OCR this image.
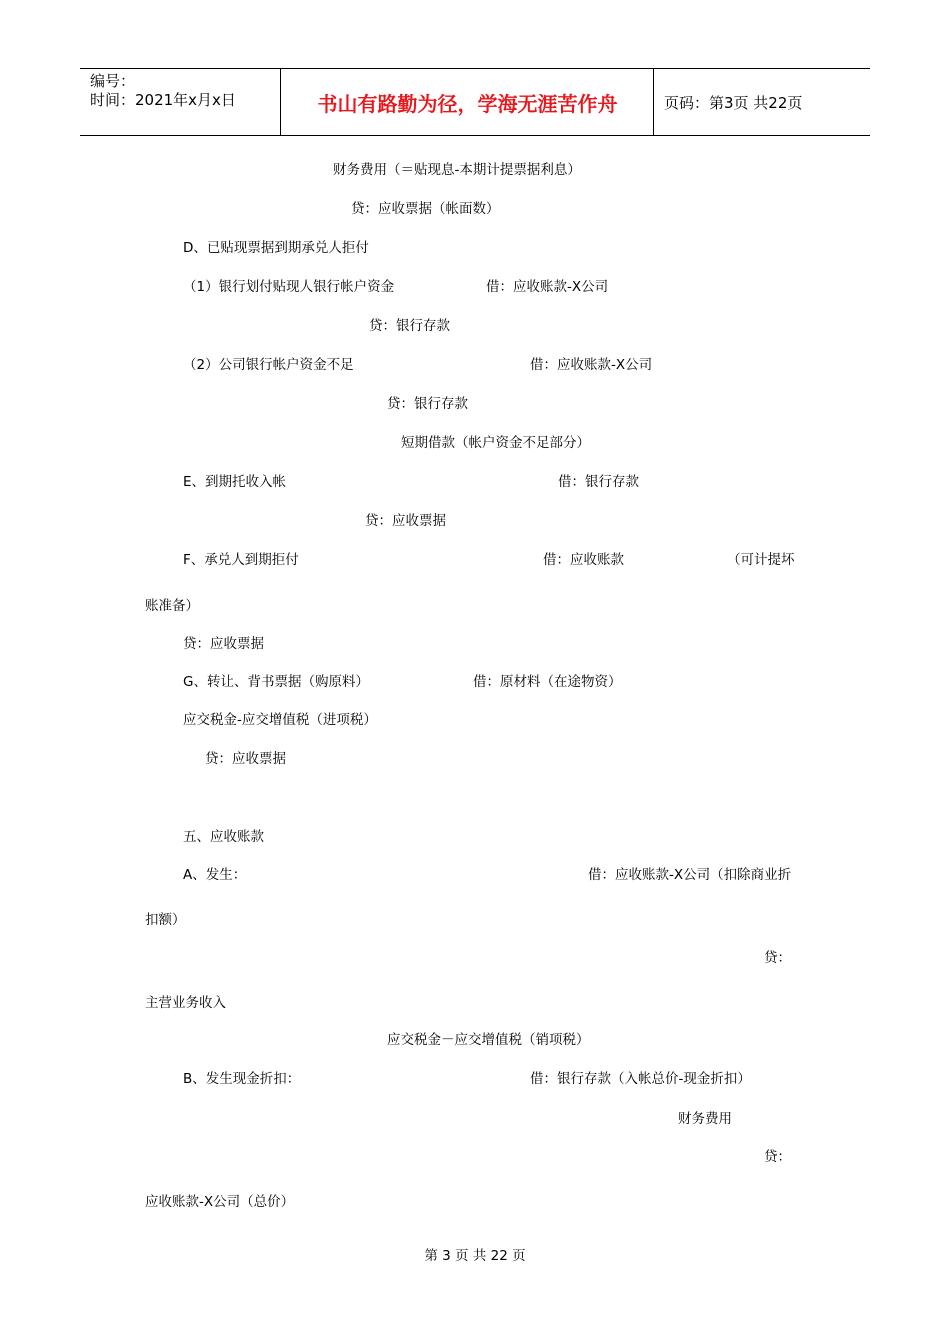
编号：
时间：2021年x月x日	书山有路勤为径，学海无涯苦作舟	页码：第3页 共22页
财务费用（＝贴现息-本期计提票据利息）
贷：应收票据（帐面数）
D、已贴现票据到期承兑人拒付
（1）银行划付贴现人银行帐户资金	借：应收账款-X公司
贷：银行存款
（2）公司银行帐户资金不足	借：应收账款-X公司
贷：银行存款
短期借款（帐户资金不足部分）
E、到期托收入帐	借：银行存款
贷：应收票据
F、承兑人到期拒付	借：应收账款	（可计提坏
账准备）
贷：应收票据
G、转让、背书票据（购原料）	借：原材料（在途物资）
应交税金-应交增值税（进项税）
贷：应收票据
五、应收账款
A、发生：	借：应收账款-X公司（扣除商业折
扣额）
贷：
主营业务收入
应交税金－应交增值税（销项税）
B、发生现金折扣：	借：银行存款（入帐总价-现金折扣）
财务费用
贷：
应收账款-X公司（总价）
第 3 页 共 22 页
